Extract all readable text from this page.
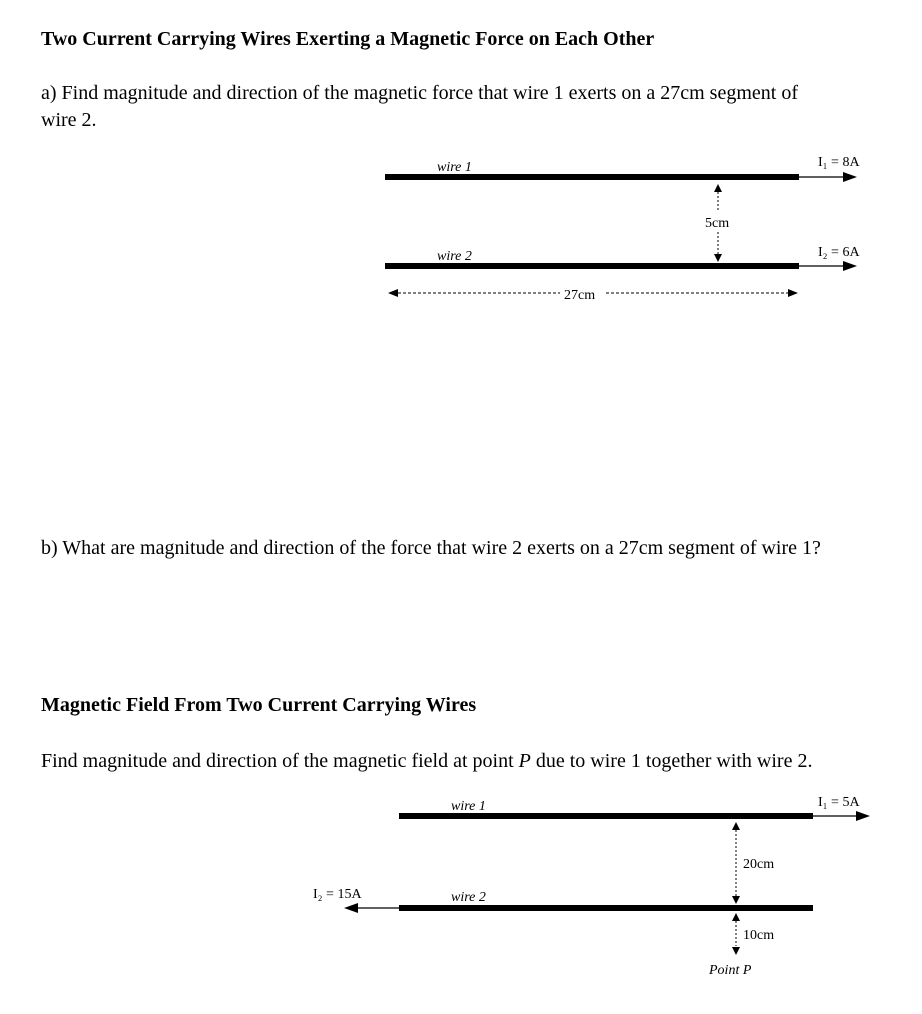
Two Current Carrying Wires Exerting a Magnetic Force on Each Other
a) Find magnitude and direction of the magnetic force that wire 1 exerts on a 27cm segment of
wire 2.
wire 1
wire 2
I₁ = 8A
I₂ = 6A
5cm
27cm
b) What are magnitude and direction of the force that wire 2 exerts on a 27cm segment of wire 1?
Magnetic Field From Two Current Carrying Wires
Find magnitude and direction of the magnetic field at point P due to wire 1 together with wire 2.
wire 1
wire 2
I₁ = 5A
I₂ = 15A
20cm
10cm
Point P
